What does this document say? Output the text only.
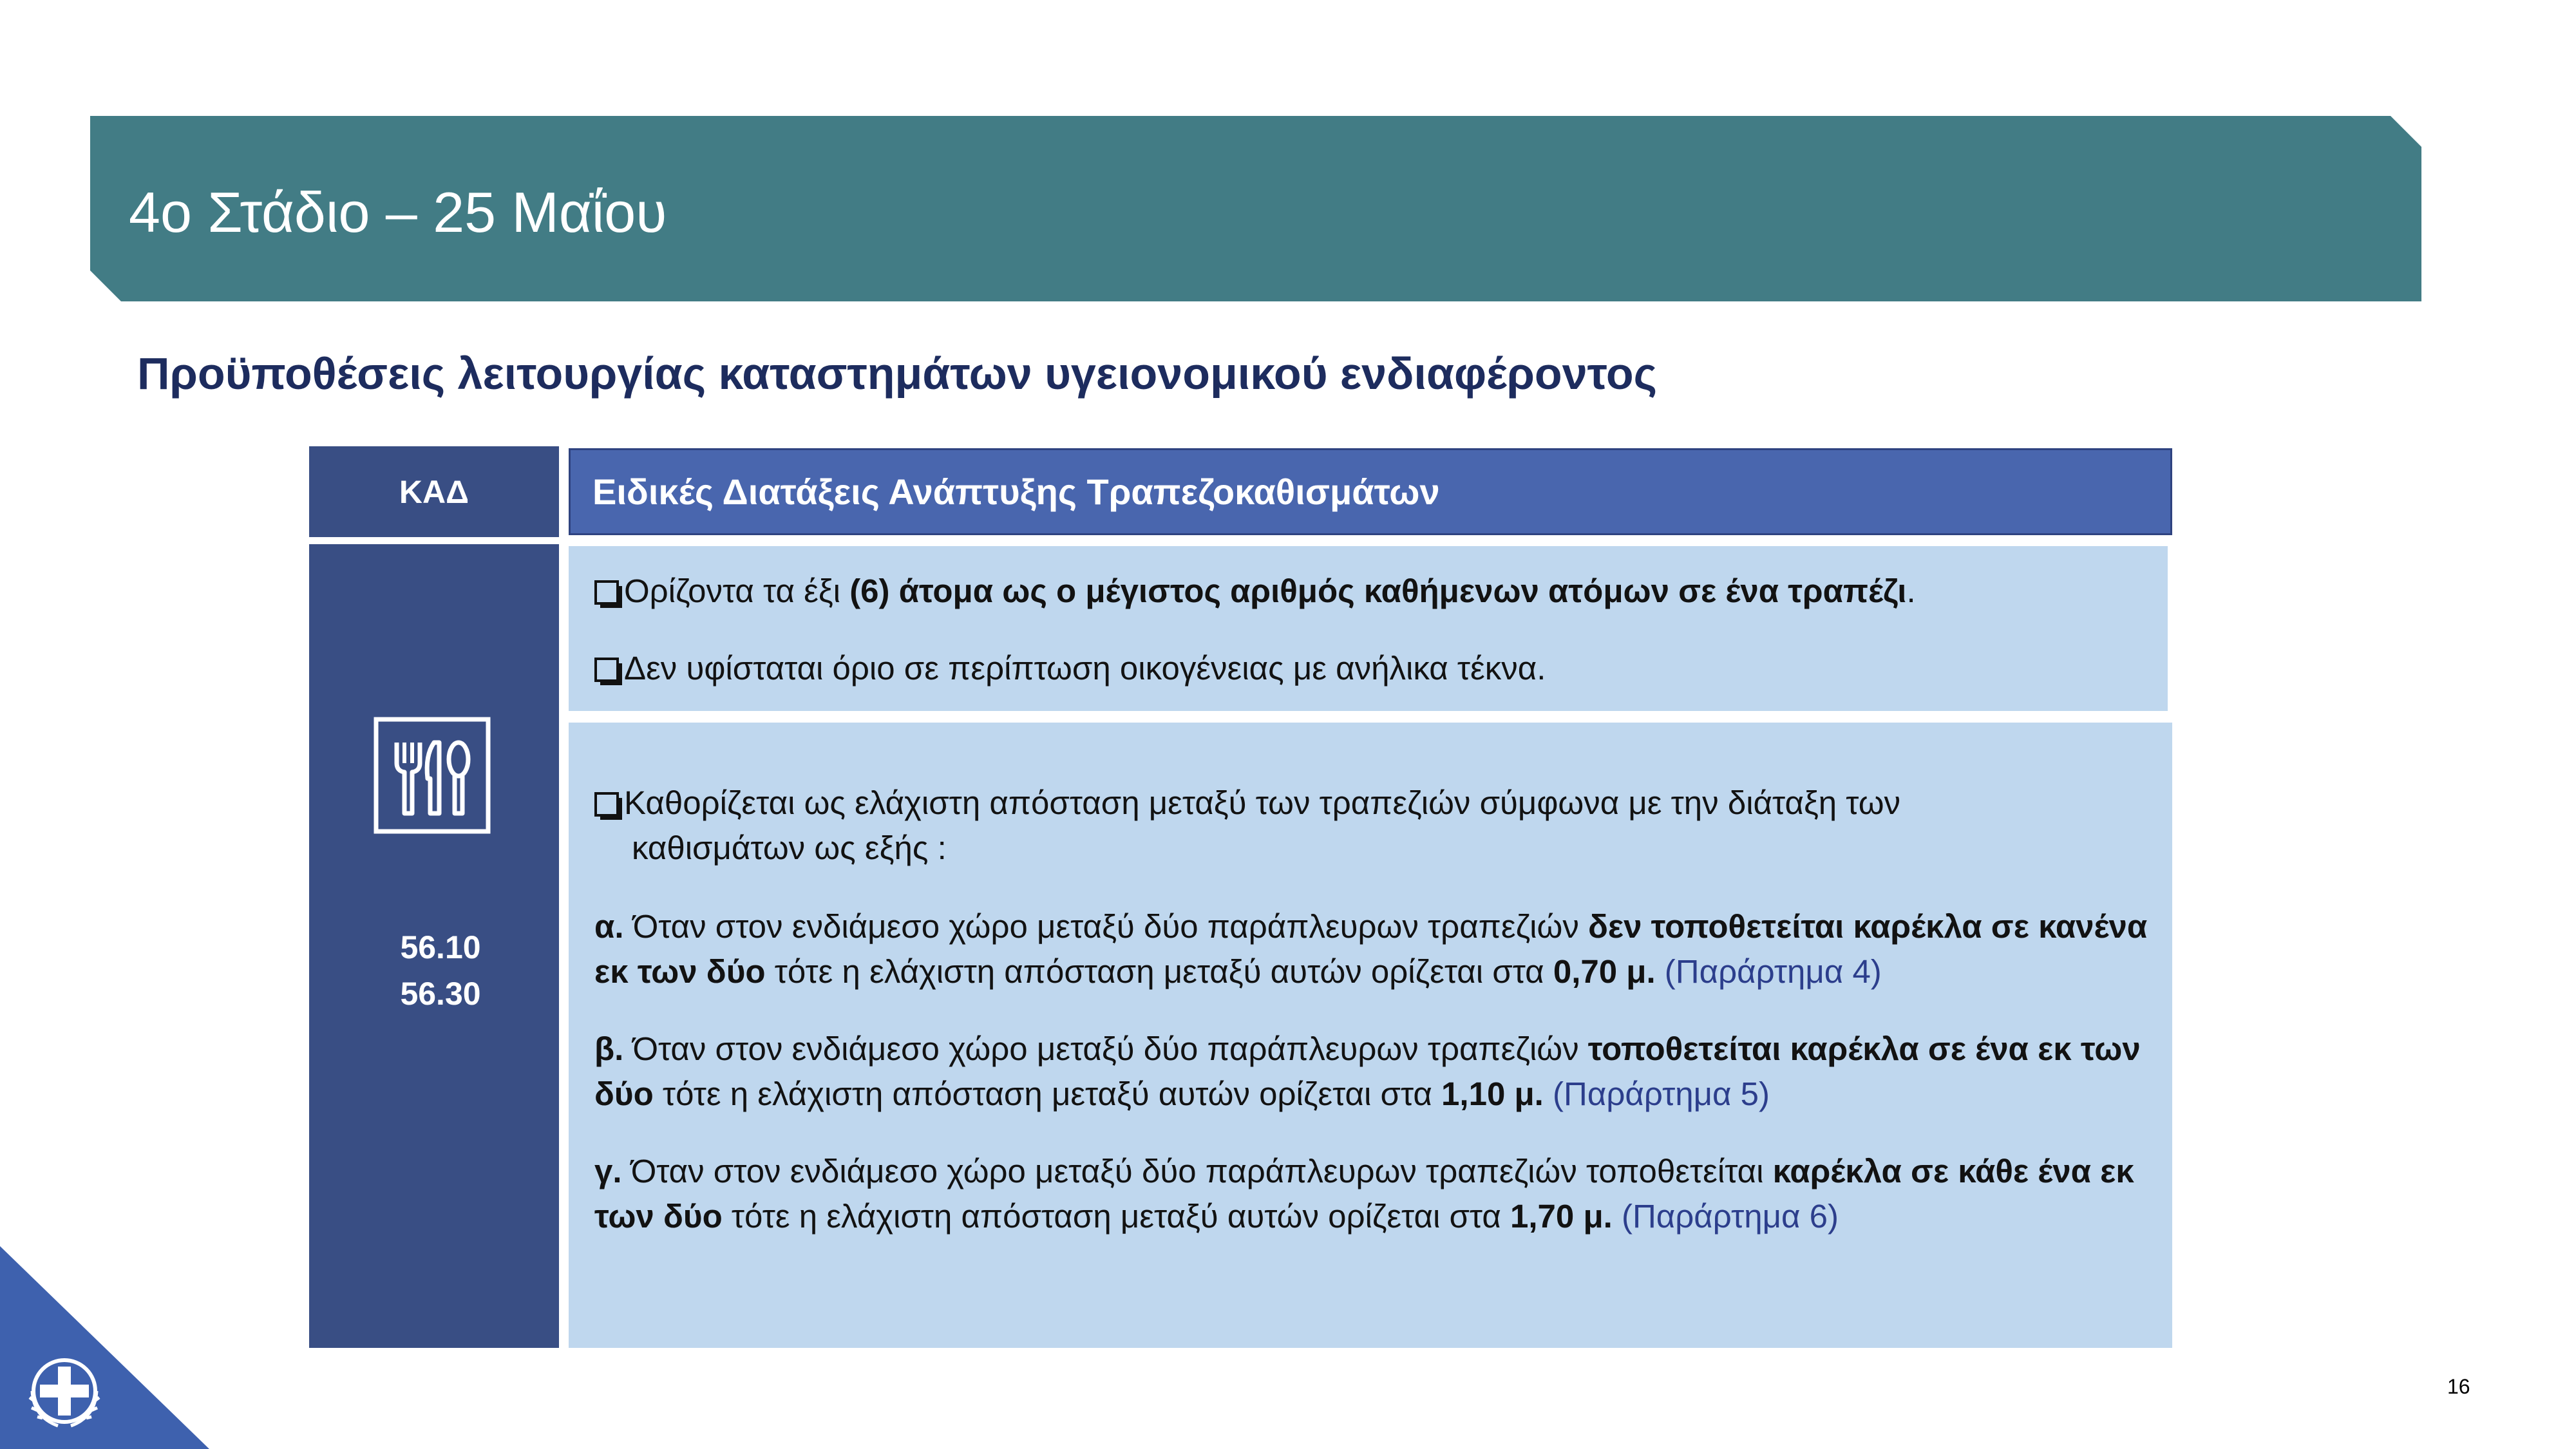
4ο Στάδιο – 25 Μαΐου
Προϋποθέσεις λειτουργίας καταστημάτων υγειονομικού ενδιαφέροντος
ΚΑΔ	Ειδικές Διατάξεις Ανάπτυξης Τραπεζοκαθισμάτων
56.10
56.30
Ορίζοντα τα έξι (6) άτομα ως ο μέγιστος αριθμός καθήμενων ατόμων σε ένα τραπέζι.
Δεν υφίσταται όριο σε περίπτωση οικογένειας με ανήλικα τέκνα.
Καθορίζεται ως ελάχιστη απόσταση μεταξύ των τραπεζιών σύμφωνα με την διάταξη των
καθισμάτων ως εξής :
α. Όταν στον ενδιάμεσο χώρο μεταξύ δύο παράπλευρων τραπεζιών δεν τοποθετείται καρέκλα σε κανένα εκ των δύο τότε η ελάχιστη απόσταση μεταξύ αυτών ορίζεται στα 0,70 μ. (Παράρτημα 4)
β. Όταν στον ενδιάμεσο χώρο μεταξύ δύο παράπλευρων τραπεζιών τοποθετείται καρέκλα σε ένα εκ των δύο τότε η ελάχιστη απόσταση μεταξύ αυτών ορίζεται στα 1,10 μ. (Παράρτημα 5)
γ. Όταν στον ενδιάμεσο χώρο μεταξύ δύο παράπλευρων τραπεζιών τοποθετείται καρέκλα σε κάθε ένα εκ των δύο τότε η ελάχιστη απόσταση μεταξύ αυτών ορίζεται στα 1,70 μ. (Παράρτημα 6)
16
